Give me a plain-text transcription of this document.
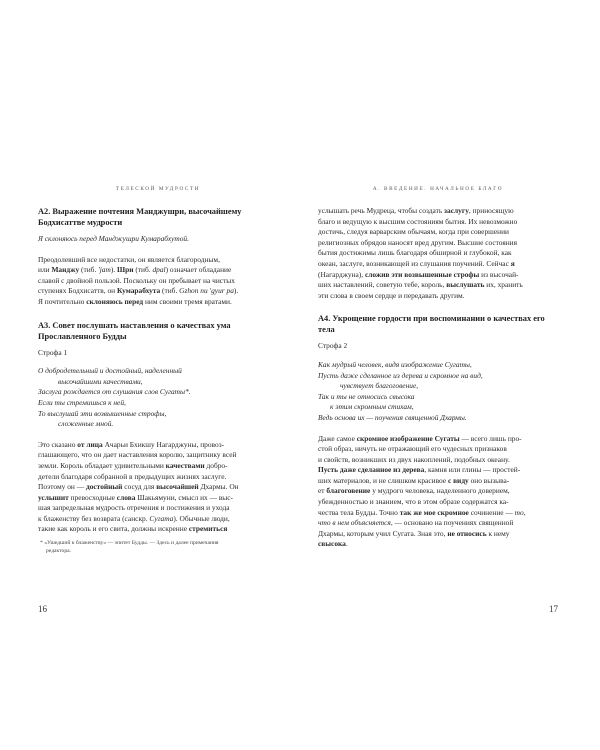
ТЕЛЕСКОЙ МУДРОСТИ
А2. Выражение почтения Манджушри, высочайшему Бодхисаттве мудрости
Я склоняюсь перед Манджушри Кумарабхутой.
Преодолевший все недостатки, он является благородным,
или Манджу (тиб. 'jam). Шри (тиб. dpal) означает обладание
славой с двойной пользой. Поскольку он пребывает на чистых
ступенях Бодхисаттв, он Кумарабхута (тиб. Gzhon nu 'gyur pa).
Я почтительно склоняюсь перед ним своими тремя вратами.
А3. Совет послушать наставления о качествах ума Прославленного Будды
Строфа 1
О добродетельный и достойный, наделенный
высочайшими качествами,
Заслуга рождается от слушания слов Сугаты*.
Если ты стремишься к ней,
То выслушай эти возвышенные строфы,
сложенные мной.
Это сказано от лица Ачарьи Бхикшу Нагарджуны, провоз-
глашающего, что он дает наставления королю, защитнику всей
земли. Король обладает удивительными качествами добро-
детели благодаря собранной в предыдущих жизнях заслуге.
Поэтому он — достойный сосуд для высочайшей Дхармы. Он
услышит превосходные слова Шакьямуни, смысл их — выс-
шая запредельная мудрость отречения и постижения и ухода
к блаженству без возврата (санскр. Сугата). Обычные люди,
такие как король и его свита, должны искренне стремиться
* «Ушедший к блаженству» — эпитет Будды. — Здесь и далее примечания
редактора.
16
А. ВВЕДЕНИЕ. НАЧАЛЬНОЕ БЛАГО
услышать речь Мудреца, чтобы создать заслугу, приносящую
благо и ведущую к высшим состояниям бытия. Их невозможно
достичь, следуя варварским обычаям, когда при совершении
религиозных обрядов наносят вред другим. Высшие состояния
бытия достижимы лишь благодаря обширной и глубокой, как
океан, заслуге, возникающей из слушания поучений. Сейчас я
(Нагарджуна), сложив эти возвышенные строфы из высочай-
ших наставлений, советую тебе, король, выслушать их, хранить
эти слова в своем сердце и передавать другим.
А4. Укрощение гордости при воспоминании о качествах его тела
Строфа 2
Как мудрый человек, видя изображение Сугаты,
Пусть даже сделанное из дерева и скромное на вид,
чувствует благоговение,
Так и ты не относись свысока
к этим скромным стихам,
Ведь основа их — поучения священной Дхармы.
Даже самое скромное изображение Сугаты — всего лишь про-
стой образ, ничуть не отражающий его чудесных признаков
и свойств, возникших из двух накоплений, подобных океану.
Пусть даже сделанное из дерева, камня или глины — простей-
ших материалов, и не слишком красивое с виду оно вызыва-
ет благоговение у мудрого человека, наделенного доверием,
убежденностью и знанием, что в этом образе содержатся ка-
чества тела Будды. Точно так же мое скромное сочинение — то,
что в нем объясняется, — основано на поучениях священной
Дхармы, которым учил Сугата. Зная это, не относись к нему
свысока.
17
